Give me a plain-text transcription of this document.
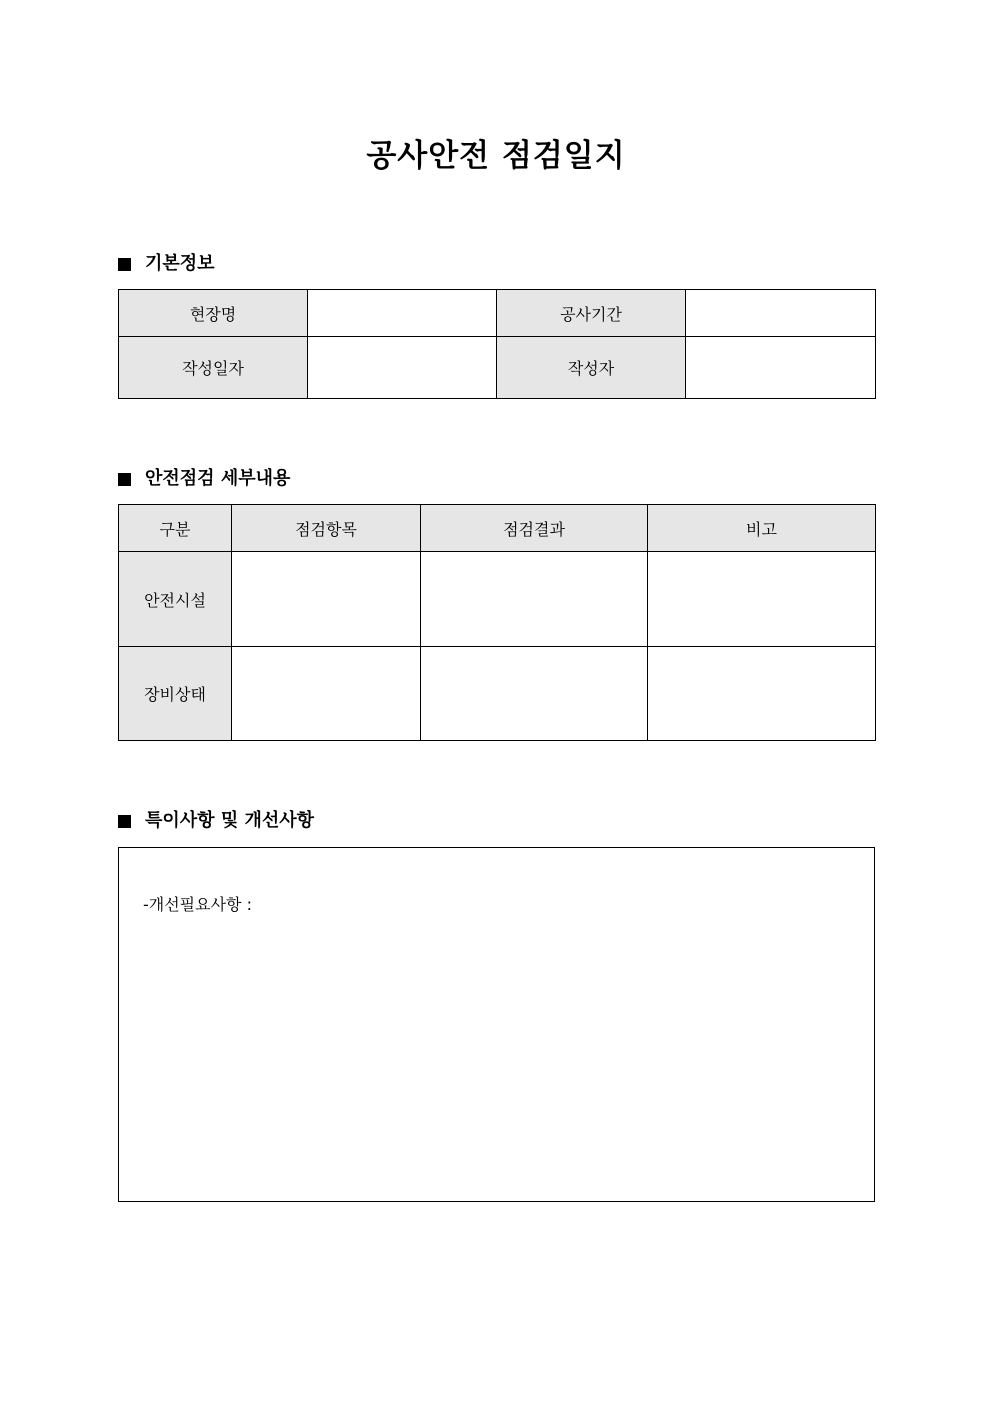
공사안전 점검일지
기본정보
현장명		공사기간	
작성일자		작성자	
안전점검 세부내용
구분	점검항목	점검결과	비고
안전시설			
장비상태			
특이사항 및 개선사항
-개선필요사항 :
